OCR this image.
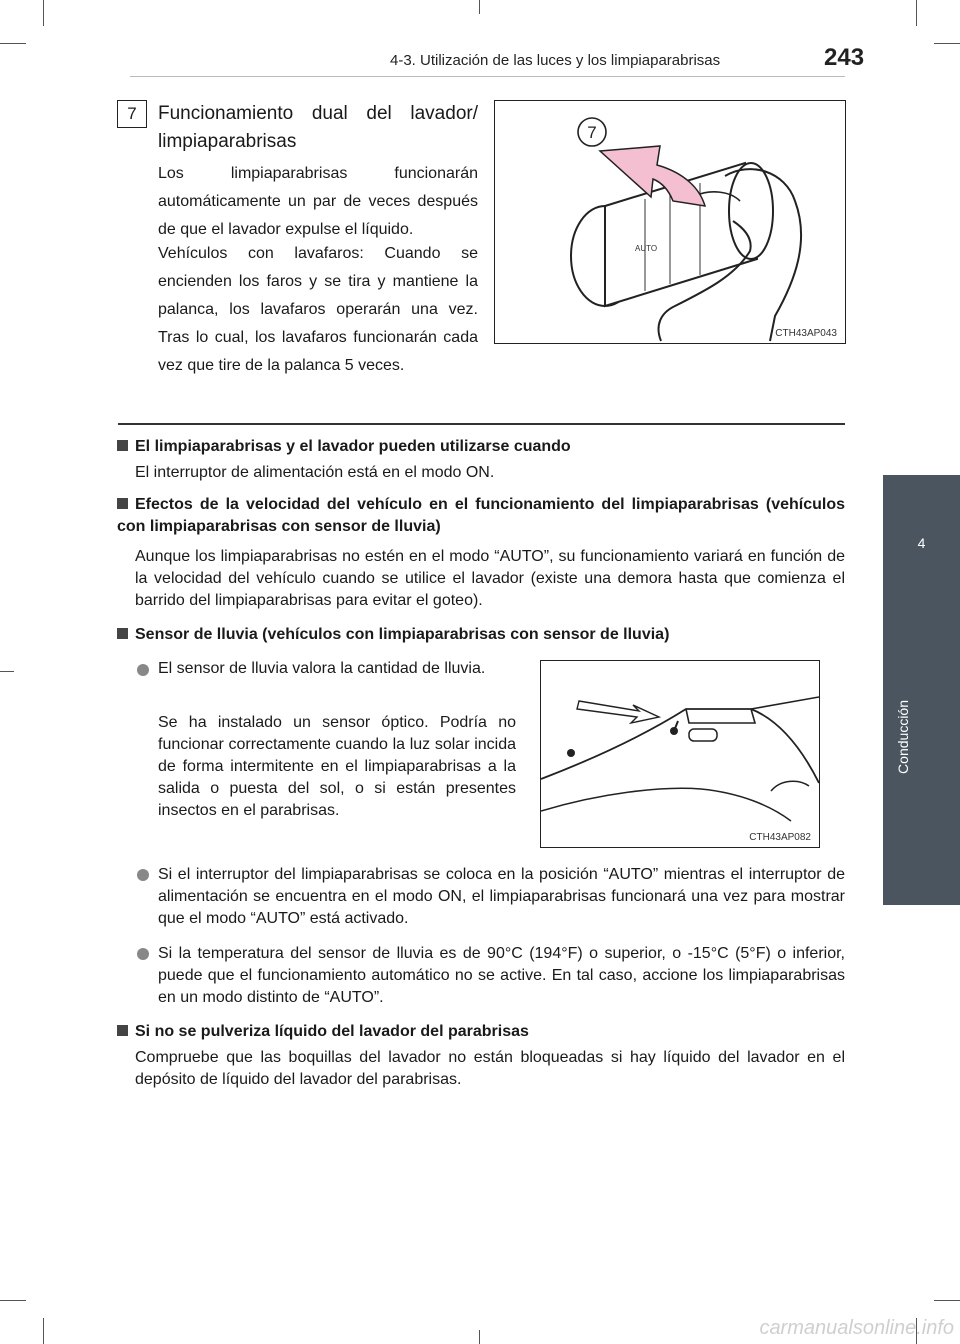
4-3. Utilización de las luces y los limpiaparabrisas	243
4
Conducción
7	Funcionamiento dual del lavador/ limpiaparabrisas
Los limpiaparabrisas funcionarán automáticamente un par de veces después de que el lavador expulse el líquido.
Vehículos con lavafaros: Cuando se encienden los faros y se tira y mantiene la palanca, los lavafaros operarán una vez. Tras lo cual, los lavafaros funcionarán cada vez que tire de la palanca 5 veces.
AUTO
7
CTH43AP043
El limpiaparabrisas y el lavador pueden utilizarse cuando
El interruptor de alimentación está en el modo ON.
Efectos de la velocidad del vehículo en el funcionamiento del limpiaparabrisas (vehículos con limpiaparabrisas con sensor de lluvia)
Aunque los limpiaparabrisas no estén en el modo “AUTO”, su funcionamiento variará en función de la velocidad del vehículo cuando se utilice el lavador (existe una demora hasta que comienza el barrido del limpiaparabrisas para evitar el goteo).
Sensor de lluvia (vehículos con limpiaparabrisas con sensor de lluvia)
El sensor de lluvia valora la cantidad de lluvia.
Se ha instalado un sensor óptico. Podría no funcionar correctamente cuando la luz solar incida de forma intermitente en el limpiaparabrisas a la salida o puesta del sol, o si están presentes insectos en el parabrisas.
CTH43AP082
Si el interruptor del limpiaparabrisas se coloca en la posición “AUTO” mientras el interruptor de alimentación se encuentra en el modo ON, el limpiaparabrisas funcionará una vez para mostrar que el modo “AUTO” está activado.
Si la temperatura del sensor de lluvia es de 90°C (194°F) o superior, o -15°C (5°F) o inferior, puede que el funcionamiento automático no se active. En tal caso, accione los limpiaparabrisas en un modo distinto de “AUTO”.
Si no se pulveriza líquido del lavador del parabrisas
Compruebe que las boquillas del lavador no están bloqueadas si hay líquido del lavador en el depósito de líquido del lavador del parabrisas.
carmanualsonline.info
